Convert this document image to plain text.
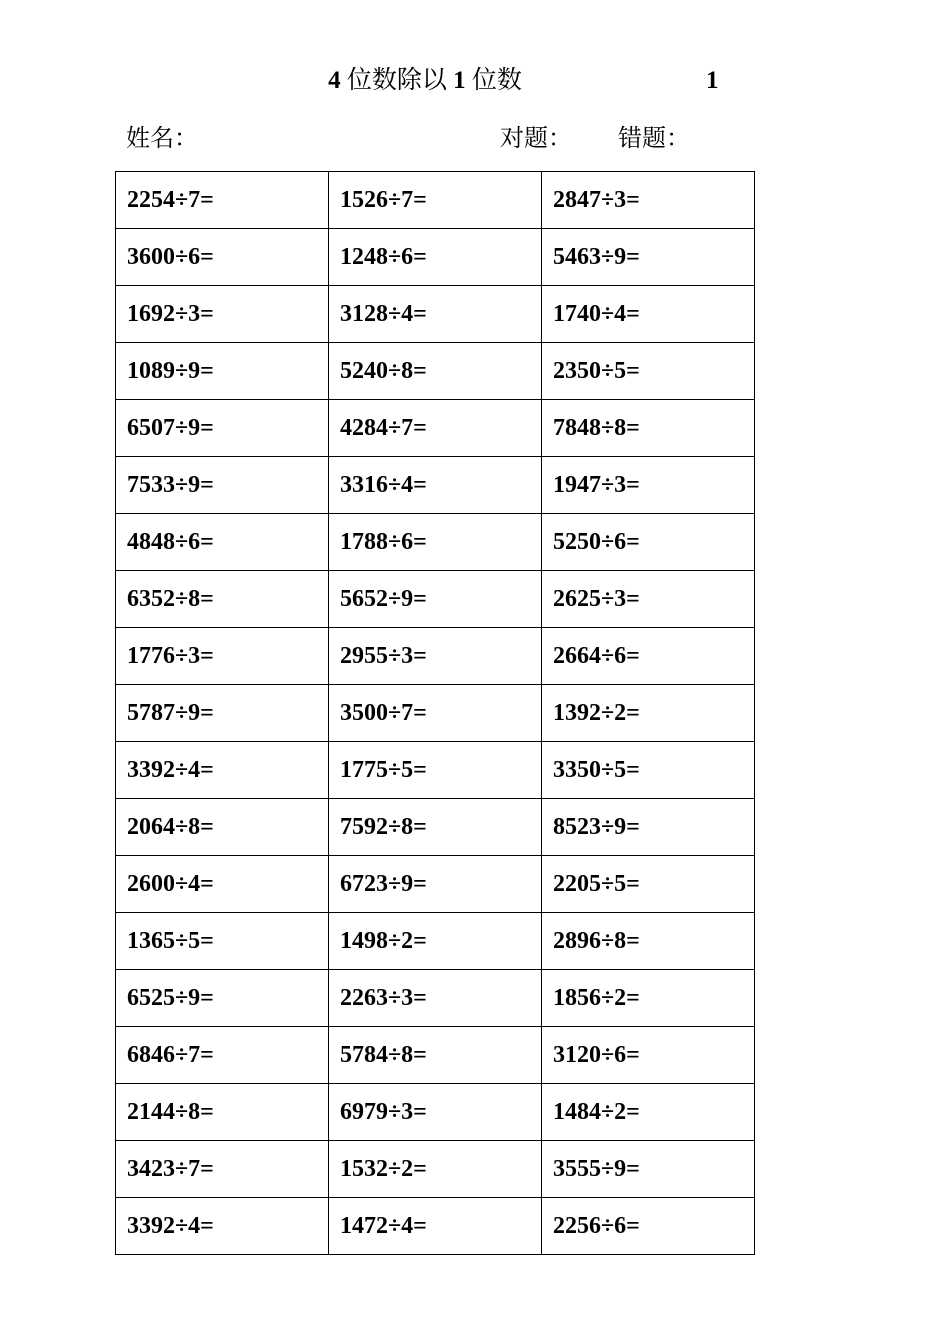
4 位数除以 1 位数	1
姓名：	对题： 错题：
2254÷7=	1526÷7=	2847÷3=
3600÷6=	1248÷6=	5463÷9=
1692÷3=	3128÷4=	1740÷4=
1089÷9=	5240÷8=	2350÷5=
6507÷9=	4284÷7=	7848÷8=
7533÷9=	3316÷4=	1947÷3=
4848÷6=	1788÷6=	5250÷6=
6352÷8=	5652÷9=	2625÷3=
1776÷3=	2955÷3=	2664÷6=
5787÷9=	3500÷7=	1392÷2=
3392÷4=	1775÷5=	3350÷5=
2064÷8=	7592÷8=	8523÷9=
2600÷4=	6723÷9=	2205÷5=
1365÷5=	1498÷2=	2896÷8=
6525÷9=	2263÷3=	1856÷2=
6846÷7=	5784÷8=	3120÷6=
2144÷8=	6979÷3=	1484÷2=
3423÷7=	1532÷2=	3555÷9=
3392÷4=	1472÷4=	2256÷6=
